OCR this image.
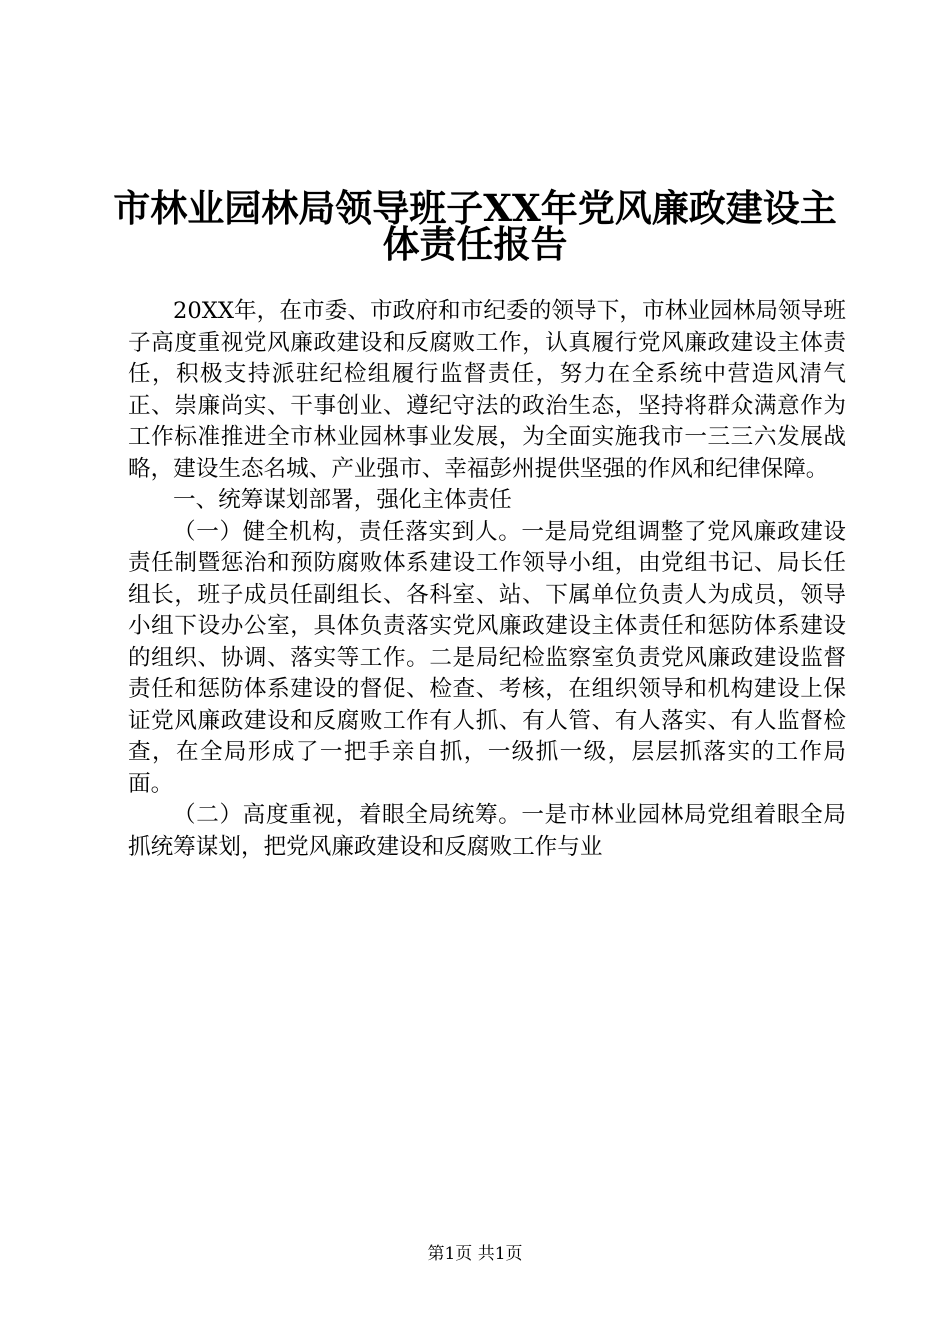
市林业园林局领导班子XX年党风廉政建设主
体责任报告

20XX年，在市委、市政府和市纪委的领导下，市林业园林局领导班子高度重视党风廉政建设和反腐败工作，认真履行党风廉政建设主体责任，积极支持派驻纪检组履行监督责任，努力在全系统中营造风清气正、崇廉尚实、干事创业、遵纪守法的政治生态，坚持将群众满意作为工作标准推进全市林业园林事业发展，为全面实施我市一三三六发展战略，建设生态名城、产业强市、幸福彭州提供坚强的作风和纪律保障。

一、统筹谋划部署，强化主体责任

（一）健全机构，责任落实到人。一是局党组调整了党风廉政建设责任制暨惩治和预防腐败体系建设工作领导小组，由党组书记、局长任组长，班子成员任副组长、各科室、站、下属单位负责人为成员，领导小组下设办公室，具体负责落实党风廉政建设主体责任和惩防体系建设的组织、协调、落实等工作。二是局纪检监察室负责党风廉政建设监督责任和惩防体系建设的督促、检查、考核，在组织领导和机构建设上保证党风廉政建设和反腐败工作有人抓、有人管、有人落实、有人监督检查，在全局形成了一把手亲自抓，一级抓一级，层层抓落实的工作局面。

（二）高度重视，着眼全局统筹。一是市林业园林局党组着眼全局抓统筹谋划，把党风廉政建设和反腐败工作与业

第1页 共1页
